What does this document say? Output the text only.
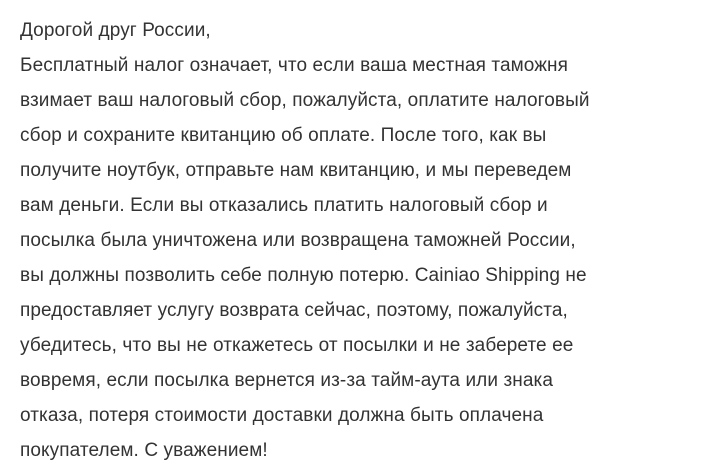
Дорогой друг России,
Бесплатный налог означает, что если ваша местная таможня
взимает ваш налоговый сбор, пожалуйста, оплатите налоговый
сбор и сохраните квитанцию об оплате. После того, как вы
получите ноутбук, отправьте нам квитанцию, и мы переведем
вам деньги. Если вы отказались платить налоговый сбор и
посылка была уничтожена или возвращена таможней России,
вы должны позволить себе полную потерю. Cainiao Shipping не
предоставляет услугу возврата сейчас, поэтому, пожалуйста,
убедитесь, что вы не откажетесь от посылки и не заберете ее
вовремя, если посылка вернется из-за тайм-аута или знака
отказа, потеря стоимости доставки должна быть оплачена
покупателем. С уважением!
